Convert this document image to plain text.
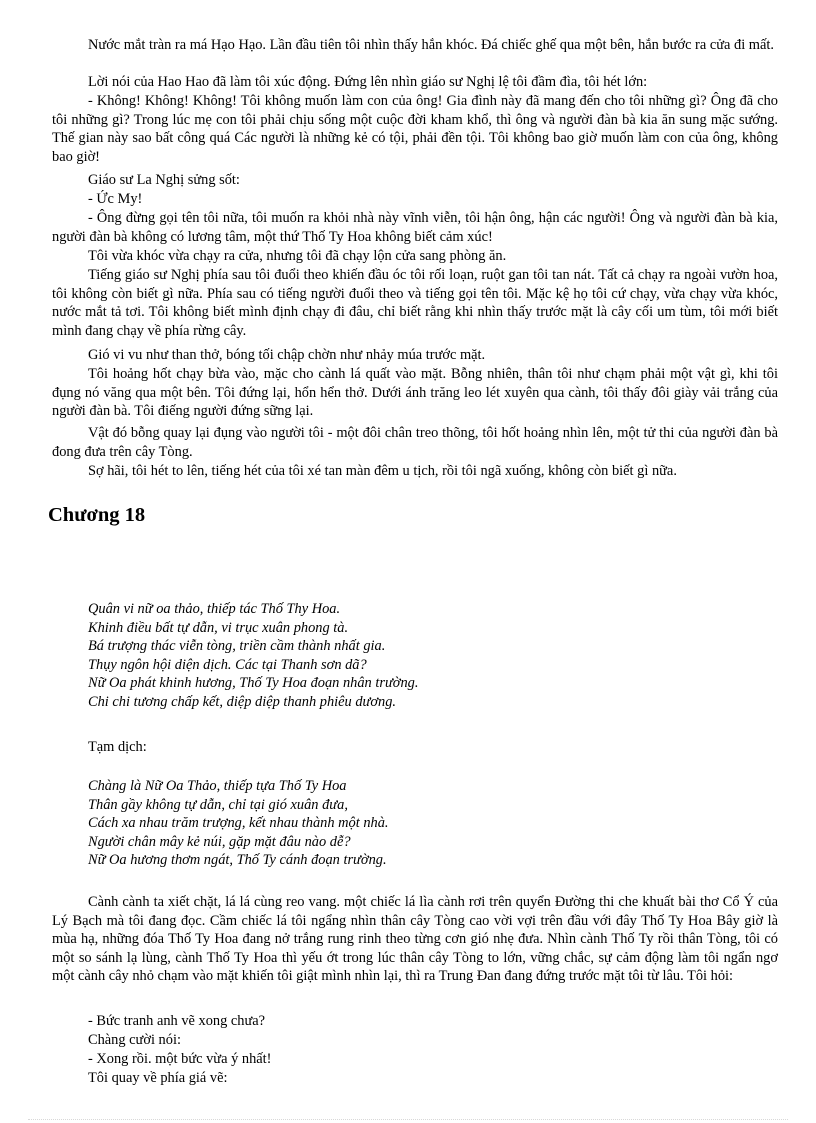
Nước mắt tràn ra má Hạo Hạo. Lần đầu tiên tôi nhìn thấy hắn khóc. Đá chiếc ghế qua một bên, hắn bước ra cửa đi mất.

Lời nói của Hao Hao đã làm tôi xúc động. Đứng lên nhìn giáo sư Nghị lệ tôi đầm đìa, tôi hét lớn:

- Không! Không! Không! Tôi không muốn làm con của ông! Gia đình này đã mang đến cho tôi những gì? Ông đã cho tôi những gì? Trong lúc mẹ con tôi phải chịu sống một cuộc đời kham khổ, thì ông và người đàn bà kia ăn sung mặc sướng. Thế gian này sao bất công quá Các người là những kẻ có tội, phải đền tội. Tôi không bao giờ muốn làm con của ông, không bao giờ!

Giáo sư La Nghị sửng sốt:

- Ức My!

- Ông đừng gọi tên tôi nữa, tôi muốn ra khỏi nhà này vĩnh viễn, tôi hận ông, hận các người! Ông và người đàn bà kia, người đàn bà không có lương tâm, một thứ Thố Ty Hoa không biết cảm xúc!

Tôi vừa khóc vừa chạy ra cửa, nhưng tôi đã chạy lộn cửa sang phòng ăn.

Tiếng giáo sư Nghị phía sau tôi đuổi theo khiến đầu óc tôi rối loạn, ruột gan tôi tan nát. Tất cả chạy ra ngoài vườn hoa, tôi không còn biết gì nữa. Phía sau có tiếng người đuổi theo và tiếng gọi tên tôi. Mặc kệ họ tôi cứ chạy, vừa chạy vừa khóc, nước mắt tả tơi. Tôi không biết mình định chạy đi đâu, chỉ biết rằng khi nhìn thấy trước mặt là cây cối um tùm, tôi mới biết mình đang chạy về phía rừng cây.

Gió vi vu như than thở, bóng tối chập chờn như nhảy múa trước mặt.

Tôi hoảng hốt chạy bừa vào, mặc cho cành lá quất vào mặt. Bỗng nhiên, thân tôi như chạm phải một vật gì, khi tôi đụng nó văng qua một bên. Tôi đứng lại, hổn hển thở. Dưới ánh trăng leo lét xuyên qua cành, tôi thấy đôi giày vải trắng của người đàn bà. Tôi điếng người đứng sững lại.

Vật đó bỗng quay lại đụng vào người tôi - một đôi chân treo thõng, tôi hốt hoảng nhìn lên, một tử thi của người đàn bà đong đưa trên cây Tòng.

Sợ hãi, tôi hét to lên, tiếng hét của tôi xé tan màn đêm u tịch, rồi tôi ngã xuống, không còn biết gì nữa.

Chương 18
Quân vi nữ oa thảo, thiếp tác Thố Thy Hoa.
Khinh điều bất tự dẫn, vi trục xuân phong tà.
Bá trượng thác viễn tòng, triền cầm thành nhất gia.
Thụy ngôn hội diện dịch. Các tại Thanh sơn dã?
Nữ Oa phát khinh hương, Thố Ty Hoa đoạn nhân trường.
Chi chi tương chấp kết, diệp diệp thanh phiêu dương.

Tạm dịch:

Chàng là Nữ Oa Thảo, thiếp tựa Thố Ty Hoa
Thân gầy không tự dẫn, chỉ tại gió xuân đưa,
Cách xa nhau trăm trượng, kết nhau thành một nhà.
Người chân mây kẻ núi, gặp mặt đâu nào dễ?
Nữ Oa hương thơm ngát, Thố Ty cánh đoạn trường.

Cành cành ta xiết chặt, lá lá cùng reo vang. một chiếc lá lìa cành rơi trên quyển Đường thi che khuất bài thơ Cổ Ý của Lý Bạch mà tôi đang đọc. Cầm chiếc lá tôi ngẩng nhìn thân cây Tòng cao vời vợi trên đầu với đây Thố Ty Hoa Bây giờ là mùa hạ, những đóa Thố Ty Hoa đang nở trắng rung rinh theo từng cơn gió nhẹ đưa. Nhìn cành Thố Ty rồi thân Tòng, tôi có một so sánh lạ lùng, cành Thố Ty Hoa thì yếu ớt trong lúc thân cây Tòng to lớn, vững chắc, sự cảm động làm tôi ngẩn ngơ một cành cây nhỏ chạm vào mặt khiến tôi giật mình nhìn lại, thì ra Trung Đan đang đứng trước mặt tôi từ lâu. Tôi hỏi:

- Bức tranh anh vẽ xong chưa?

Chàng cười nói:

- Xong rồi. một bức vừa ý nhất!

Tôi quay về phía giá vẽ:
